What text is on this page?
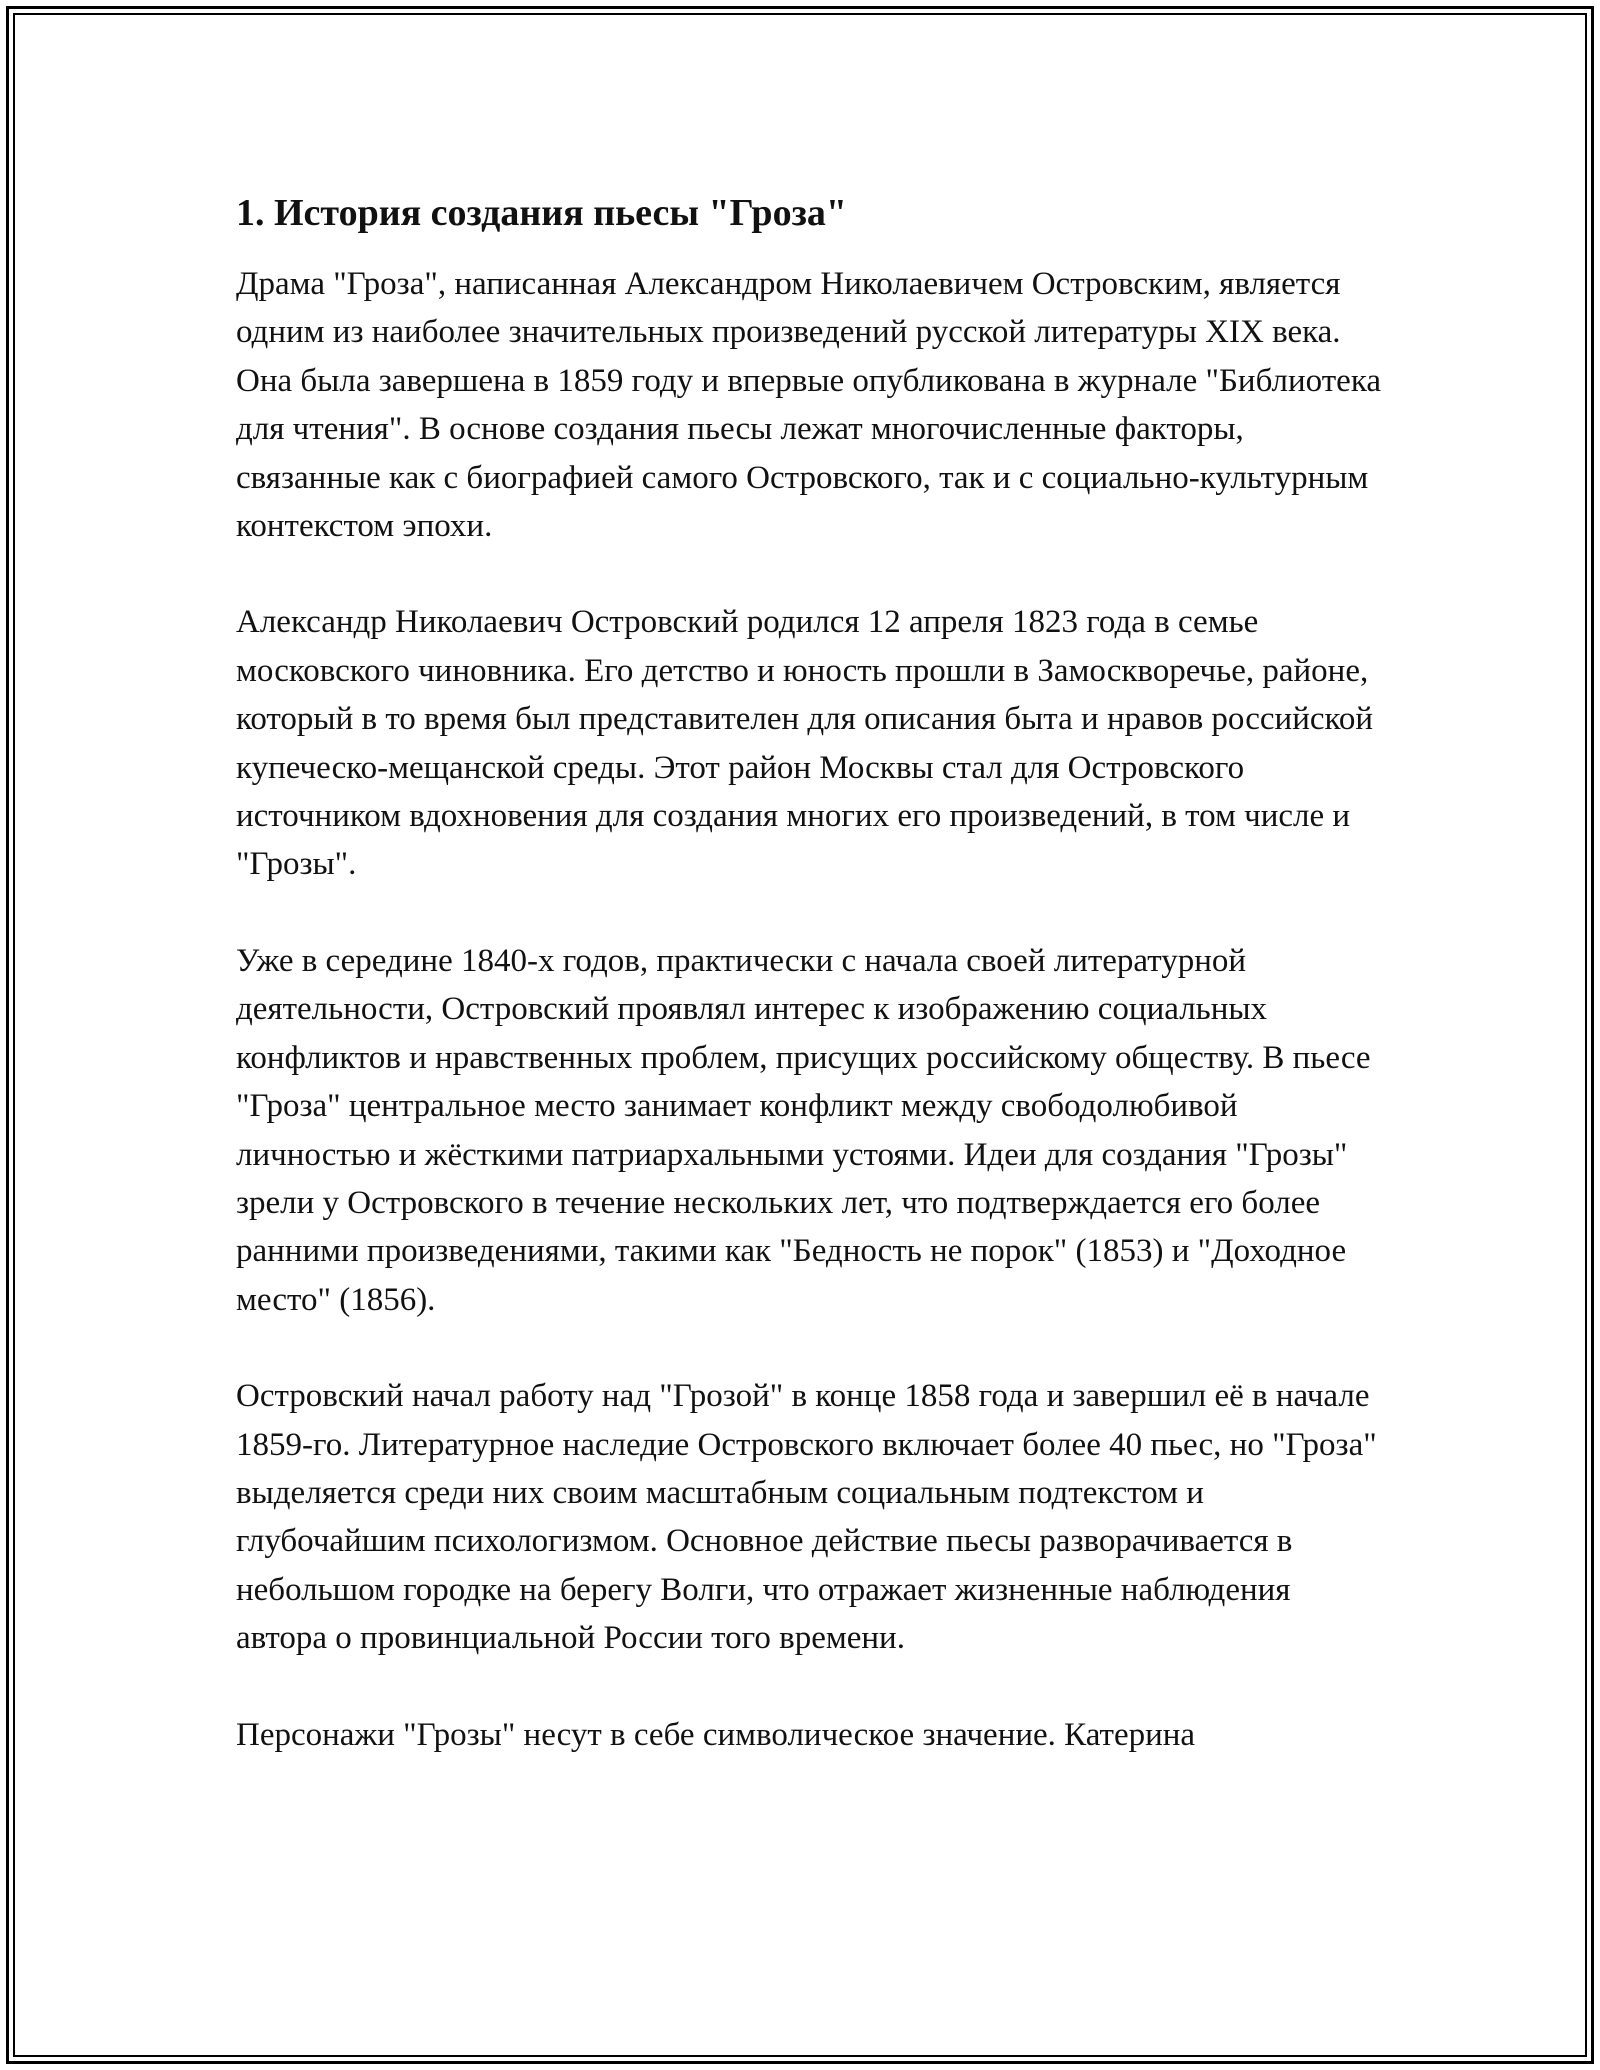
1. История создания пьесы "Гроза"

Драма "Гроза", написанная Александром Николаевичем Островским, является одним из наиболее значительных произведений русской литературы XIX века. Она была завершена в 1859 году и впервые опубликована в журнале "Библиотека для чтения". В основе создания пьесы лежат многочисленные факторы, связанные как с биографией самого Островского, так и с социально-культурным контекстом эпохи.

Александр Николаевич Островский родился 12 апреля 1823 года в семье московского чиновника. Его детство и юность прошли в Замоскворечье, районе, который в то время был представителен для описания быта и нравов российской купеческо-мещанской среды. Этот район Москвы стал для Островского источником вдохновения для создания многих его произведений, в том числе и "Грозы".

Уже в середине 1840-х годов, практически с начала своей литературной деятельности, Островский проявлял интерес к изображению социальных конфликтов и нравственных проблем, присущих российскому обществу. В пьесе "Гроза" центральное место занимает конфликт между свободолюбивой личностью и жёсткими патриархальными устоями. Идеи для создания "Грозы" зрели у Островского в течение нескольких лет, что подтверждается его более ранними произведениями, такими как "Бедность не порок" (1853) и "Доходное место" (1856).

Островский начал работу над "Грозой" в конце 1858 года и завершил её в начале 1859-го. Литературное наследие Островского включает более 40 пьес, но "Гроза" выделяется среди них своим масштабным социальным подтекстом и глубочайшим психологизмом. Основное действие пьесы разворачивается в небольшом городке на берегу Волги, что отражает жизненные наблюдения автора о провинциальной России того времени.

Персонажи "Грозы" несут в себе символическое значение. Катерина
